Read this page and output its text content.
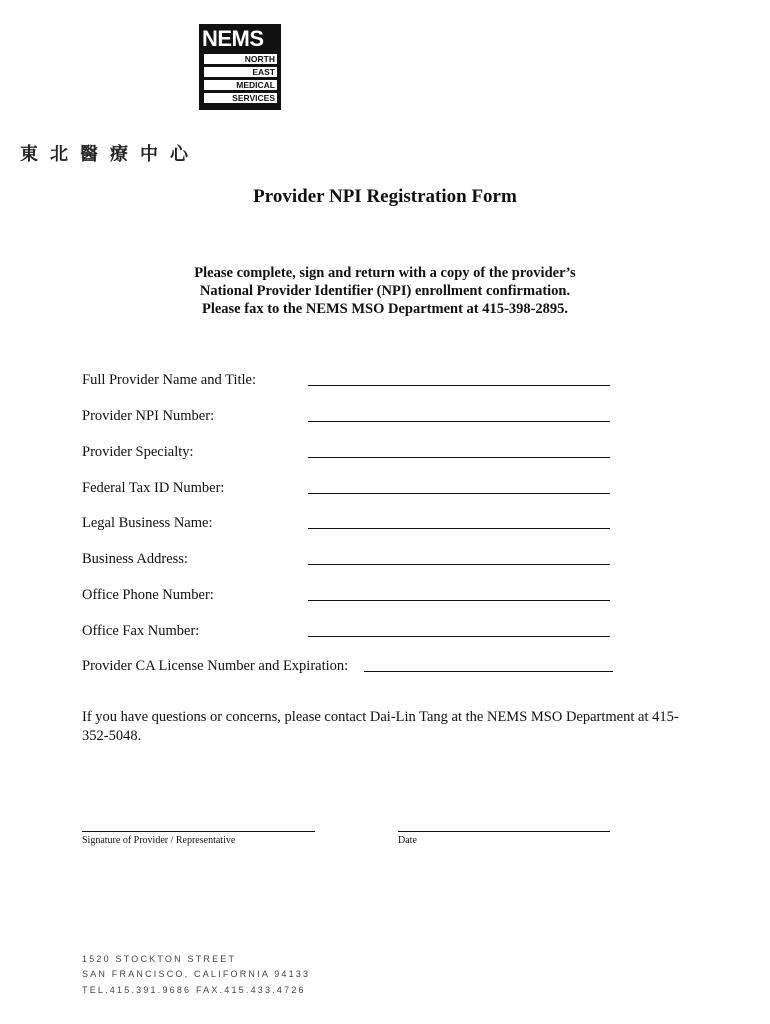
NEMS
NORTH
EAST
MEDICAL
SERVICES
東北醫療中心
Provider NPI Registration Form
Please complete, sign and return with a copy of the provider’s
National Provider Identifier (NPI) enrollment confirmation.
Please fax to the NEMS MSO Department at 415-398-2895.
Full Provider Name and Title:
Provider NPI Number:
Provider Specialty:
Federal Tax ID Number:
Legal Business Name:
Business Address:
Office Phone Number:
Office Fax Number:
Provider CA License Number and Expiration:
If you have questions or concerns, please contact Dai-Lin Tang at the NEMS MSO Department at 415-352-5048.
Signature of Provider / Representative	Date
1520 STOCKTON STREET
SAN FRANCISCO, CALIFORNIA 94133
TEL.415.391.9686 FAX.415.433.4726
